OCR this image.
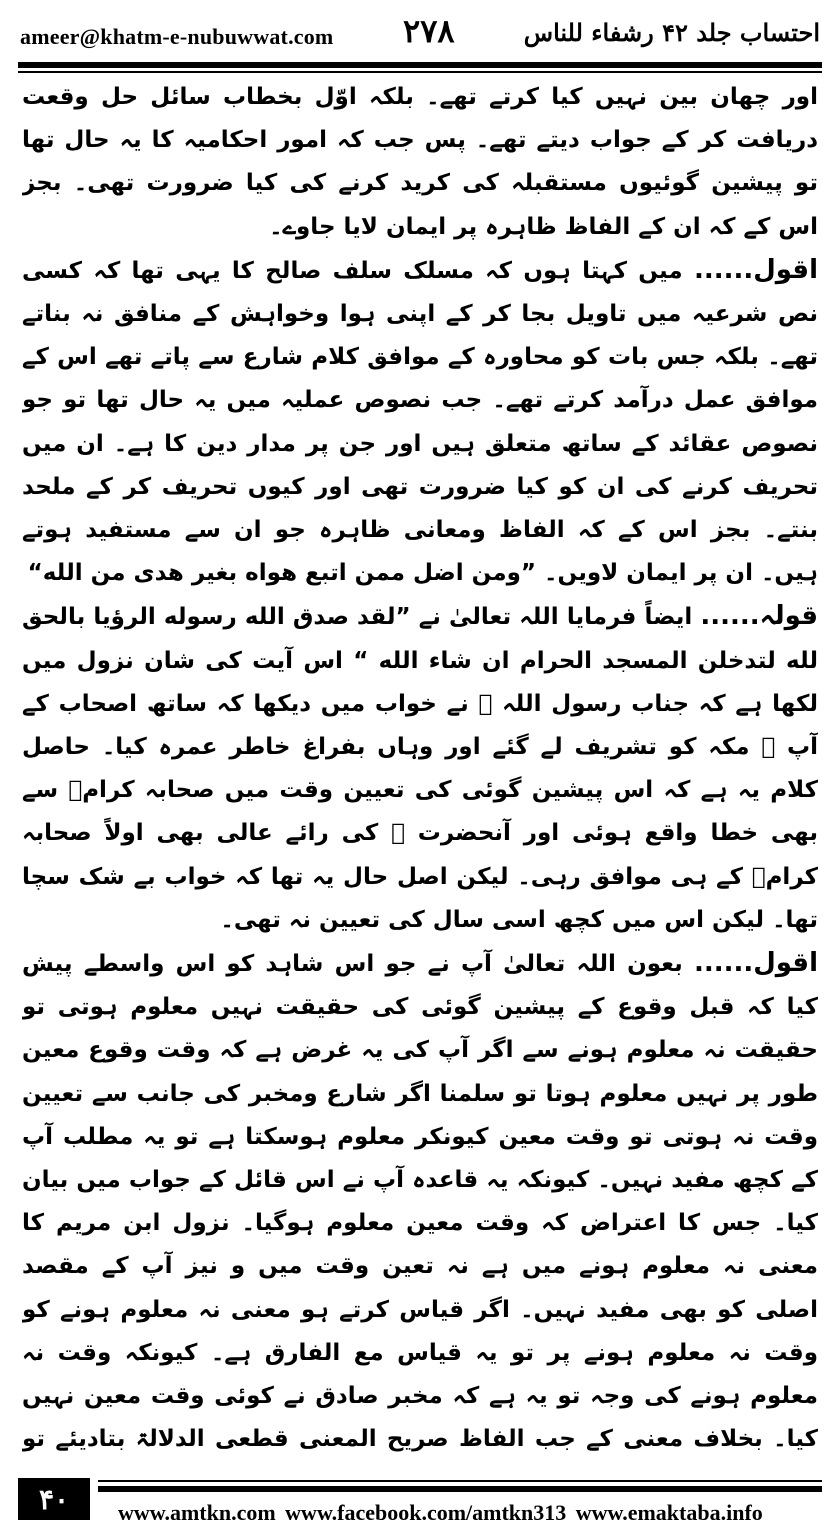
ameer@khatm-e-nubuwwat.com ۲۷۸	احتساب جلد ۴۲ رشفاء للناس

اور چھان بین نہیں کیا کرتے تھے۔ بلکہ اوّل بخطاب سائل حل وقعت دریافت کر کے جواب دیتے تھے۔ پس جب کہ امور احکامیہ کا یہ حال تھا تو پیشین گوئیوں مستقبلہ کی کرید کرنے کی کیا ضرورت تھی۔ بجز اس کے کہ ان کے الفاظ ظاہرہ پر ایمان لایا جاوے۔

اقول...... میں کہتا ہوں کہ مسلک سلف صالح کا یہی تھا کہ کسی نص شرعیہ میں تاویل بجا کر کے اپنی ہوا وخواہش کے منافق نہ بناتے تھے۔ بلکہ جس بات کو محاورہ کے موافق کلام شارع سے پاتے تھے اس کے موافق عمل درآمد کرتے تھے۔ جب نصوص عملیہ میں یہ حال تھا تو جو نصوص عقائد کے ساتھ متعلق ہیں اور جن پر مدار دین کا ہے۔ ان میں تحریف کرنے کی ان کو کیا ضرورت تھی اور کیوں تحریف کر کے ملحد بنتے۔ بجز اس کے کہ الفاظ ومعانی ظاہرہ جو ان سے مستفید ہوتے ہیں۔ ان پر ایمان لاویں۔ ”ومن اضل ممن اتبع هواه بغير هدى من الله“

قولہ...... ایضاً فرمایا اللہ تعالیٰ نے ”لقد صدق الله رسوله الرؤيا بالحق لله لتدخلن المسجد الحرام ان شاء الله “ اس آیت کی شان نزول میں لکھا ہے کہ جناب رسول اللہ ﷺ نے خواب میں دیکھا کہ ساتھ اصحاب کے آپ ﷺ مکہ کو تشریف لے گئے اور وہاں بفراغ خاطر عمرہ کیا۔ حاصل کلام یہ ہے کہ اس پیشین گوئی کی تعیین وقت میں صحابہ کرامؓ سے بھی خطا واقع ہوئی اور آنحضرت ﷺ کی رائے عالی بھی اولاً صحابہ کرامؓ کے ہی موافق رہی۔ لیکن اصل حال یہ تھا کہ خواب بے شک سچا تھا۔ لیکن اس میں کچھ اسی سال کی تعیین نہ تھی۔

اقول...... بعون اللہ تعالیٰ آپ نے جو اس شاہد کو اس واسطے پیش کیا کہ قبل وقوع کے پیشین گوئی کی حقیقت نہیں معلوم ہوتی تو حقیقت نہ معلوم ہونے سے اگر آپ کی یہ غرض ہے کہ وقت وقوع معین طور پر نہیں معلوم ہوتا تو سلمنا اگر شارع ومخبر کی جانب سے تعیین وقت نہ ہوتی تو وقت معین کیونکر معلوم ہوسکتا ہے تو یہ مطلب آپ کے کچھ مفید نہیں۔ کیونکہ یہ قاعدہ آپ نے اس قائل کے جواب میں بیان کیا۔ جس کا اعتراض کہ وقت معین معلوم ہوگیا۔ نزول ابن مریم کا معنی نہ معلوم ہونے میں ہے نہ تعین وقت میں و نیز آپ کے مقصد اصلی کو بھی مفید نہیں۔ اگر قیاس کرتے ہو معنی نہ معلوم ہونے کو وقت نہ معلوم ہونے پر تو یہ قیاس مع الفارق ہے۔ کیونکہ وقت نہ معلوم ہونے کی وجہ تو یہ ہے کہ مخبر صادق نے کوئی وقت معین نہیں کیا۔ بخلاف معنی کے جب الفاظ صریح المعنی قطعی الدلالۃ بتادیئے تو

۴۰	www.amtkn.com www.facebook.com/amtkn313 www.emaktaba.info
